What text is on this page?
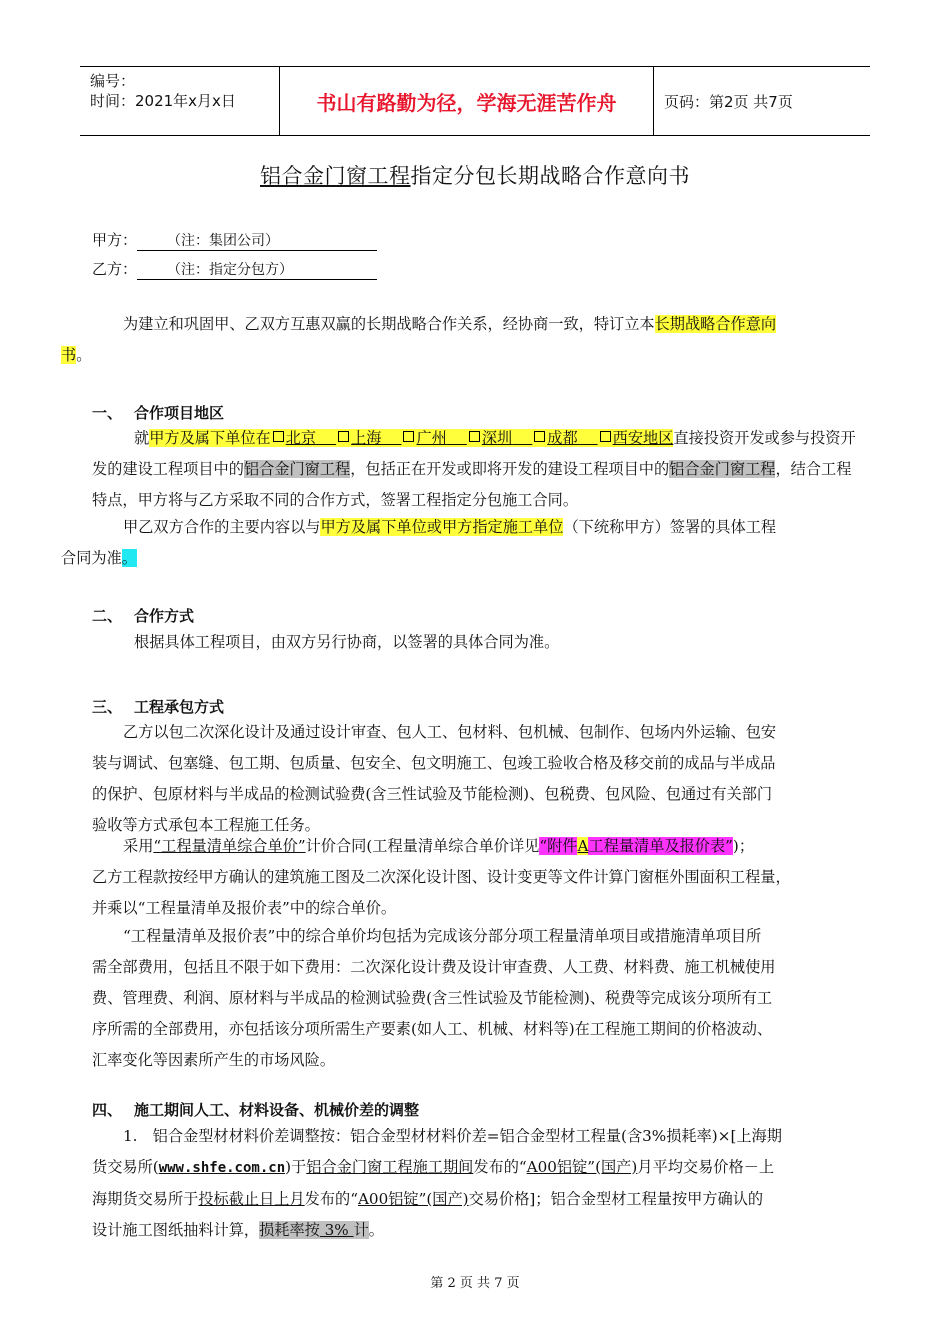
编号：
时间：2021年x月x日	书山有路勤为径，学海无涯苦作舟	页码：第2页 共7页
铝合金门窗工程指定分包长期战略合作意向书
甲方： （注：集团公司）
乙方： （注：指定分包方）
为建立和巩固甲、乙双方互惠双赢的长期战略合作关系，经协商一致，特订立本长期战略合作意向
书。
一、 合作项目地区
就甲方及属下单位在 北京　 上海　 广州　 深圳　 成都　 西安地区直接投资开发或参与投资开发的建设工程项目中的铝合金门窗工程，包括正在开发或即将开发的建设工程项目中的铝合金门窗工程，结合工程特点，甲方将与乙方采取不同的合作方式，签署工程指定分包施工合同。
甲乙双方合作的主要内容以与甲方及属下单位或甲方指定施工单位（下统称甲方）签署的具体工程
合同为准。
二、 合作方式
根据具体工程项目，由双方另行协商，以签署的具体合同为准。
三、 工程承包方式
乙方以包二次深化设计及通过设计审查、包人工、包材料、包机械、包制作、包场内外运输、包安
装与调试、包塞缝、包工期、包质量、包安全、包文明施工、包竣工验收合格及移交前的成品与半成品
的保护、包原材料与半成品的检测试验费(含三性试验及节能检测)、包税费、包风险、包通过有关部门
验收等方式承包本工程施工任务。
采用“工程量清单综合单价”计价合同(工程量清单综合单价详见“附件A工程量清单及报价表”)；
乙方工程款按经甲方确认的建筑施工图及二次深化设计图、设计变更等文件计算门窗框外围面积工程量，
并乘以“工程量清单及报价表”中的综合单价。
“工程量清单及报价表”中的综合单价均包括为完成该分部分项工程量清单项目或措施清单项目所
需全部费用，包括且不限于如下费用：二次深化设计费及设计审查费、人工费、材料费、施工机械使用
费、管理费、利润、原材料与半成品的检测试验费(含三性试验及节能检测)、税费等完成该分项所有工
序所需的全部费用，亦包括该分项所需生产要素(如人工、机械、材料等)在工程施工期间的价格波动、
汇率变化等因素所产生的市场风险。
四、 施工期间人工、材料设备、机械价差的调整
1.　铝合金型材材料价差调整按：铝合金型材材料价差=铝合金型材工程量(含3%损耗率)×[上海期
货交易所(www.shfe.com.cn)于铝合金门窗工程施工期间发布的“A00铝锭”(国产)月平均交易价格－上
海期货交易所于投标截止日上月发布的“A00铝锭”(国产)交易价格]；铝合金型材工程量按甲方确认的
设计施工图纸抽料计算，损耗率按 3% 计。
第 2 页 共 7 页
